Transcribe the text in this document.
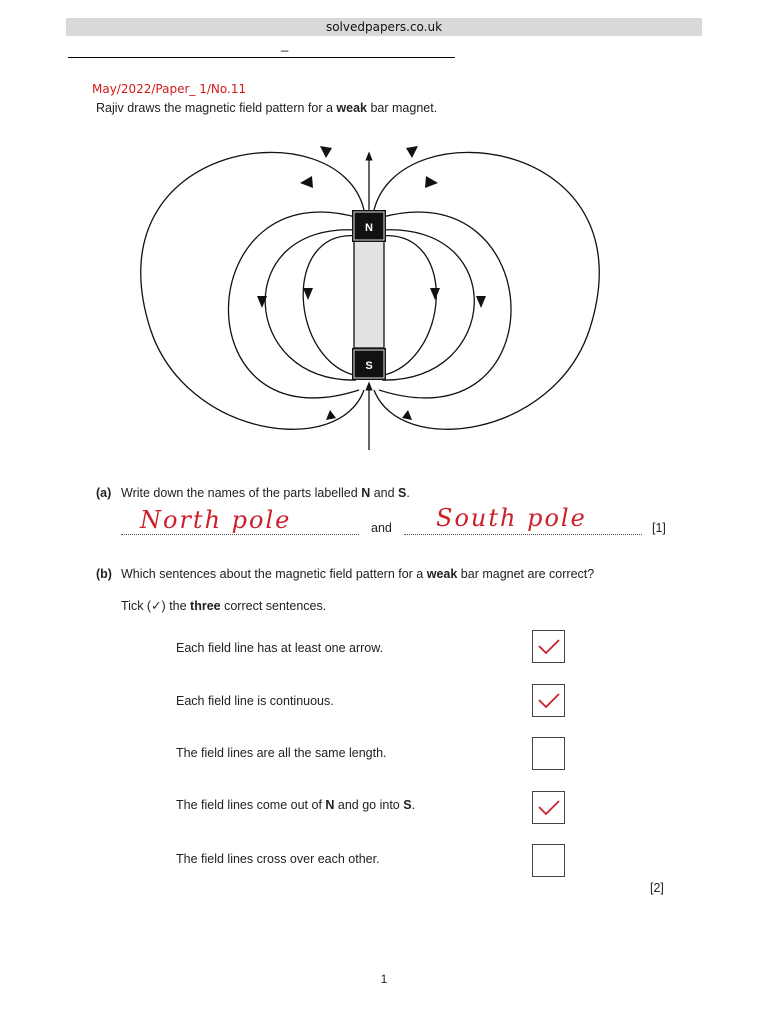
solvedpapers.co.uk
_
May/2022/Paper_ 1/No.11
Rajiv draws the magnetic field pattern for a weak bar magnet.
N
S
(a) Write down the names of the parts labelled N and S.
North pole	and South pole	[1]
(b) Which sentences about the magnetic field pattern for a weak bar magnet are correct?
Tick (✓) the three correct sentences.
Each field line has at least one arrow.
Each field line is continuous.
The field lines are all the same length.
The field lines come out of N and go into S.
The field lines cross over each other.
[2]
1
